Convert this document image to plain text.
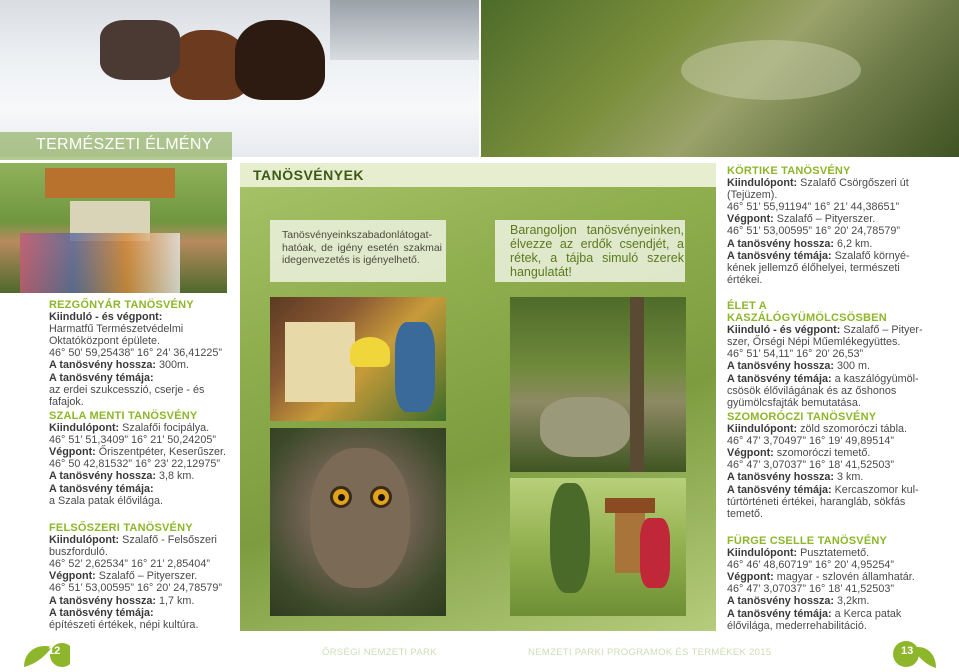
TERMÉSZETI ÉLMÉNY
TANÖSVÉNYEK
Tanösvényeinkszabadonlátogat-hatóak, de igény esetén szakmai idegenvezetés is igényelhető.
Barangoljon tanösvényeinken, élvezze az erdők csendjét, a rétek, a tájba simuló szerek hangulatát!
REZGŐNYÁR TANÖSVÉNY
Kiinduló - és végpont:
Harmatfű Természetvédelmi
Oktatóközpont épülete.
46° 50’ 59,25438” 16° 24’ 36,41225”
A tanösvény hossza: 300m.
A tanösvény témája:
az erdei szukcesszió, cserje - és fafajok.
SZALA MENTI TANÖSVÉNY
Kiindulópont: Szalafői focipálya.
46° 51’ 51,3409” 16° 21’ 50,24205”
Végpont: Őriszentpéter, Keserűszer.
46° 50 42,81532” 16° 23’ 22,12975”
A tanösvény hossza: 3,8 km.
A tanösvény témája:
a Szala patak élővilága.
FELSŐSZERI TANÖSVÉNY
Kiindulópont: Szalafő - Felsőszeri
buszforduló.
46° 52’ 2,62534” 16° 21’ 2,85404”
Végpont: Szalafő – Pityerszer.
46° 51’ 53,00595” 16° 20’ 24,78579”
A tanösvény hossza: 1,7 km.
A tanösvény témája:
építészeti értékek, népi kultúra.
KÖRTIKE TANÖSVÉNY
Kiindulópont: Szalafő Csörgőszeri út
(Tejüzem).
46° 51’ 55,91194” 16° 21’ 44,38651”
Végpont: Szalafő – Pityerszer.
46° 51’ 53,00595” 16° 20’ 24,78579”
A tanösvény hossza: 6,2 km.
A tanösvény témája: Szalafő környé-
kének jellemző élőhelyei, természeti
értékei.
ÉLET A KASZÁLÓGYÜMÖLCSÖSBEN
Kiinduló - és végpont: Szalafő – Pityer-
szer, Őrségi Népi Műemlékegyüttes.
46° 51’ 54,11” 16° 20’ 26,53”
A tanösvény hossza: 300 m.
A tanösvény témája: a kaszálógyümöl-
csösök élővilágának és az őshonos
gyümölcsfajták bemutatása.
SZOMORÓCZI TANÖSVÉNY
Kiindulópont: zöld szomoróczi tábla.
46° 47’ 3,70497” 16° 19’ 49,89514”
Végpont: szomoróczi temető.
46° 47’ 3,07037” 16° 18’ 41,52503”
A tanösvény hossza: 3 km.
A tanösvény témája: Kercaszomor kul-
túrtörténeti értékei, harangláb, sökfás
temető.
FÜRGE CSELLE TANÖSVÉNY
Kiindulópont: Pusztatemető.
46° 46’ 48,60719” 16° 20’ 4,95254”
Végpont: magyar - szlovén államhatár.
46° 47’ 3,07037” 16° 18’ 41,52503”
A tanösvény hossza: 3,2km.
A tanösvény témája: a Kerca patak
élővilága, mederrehabilitáció.
12	ŐRSÉGI NEMZETI PARK	NEMZETI PARKI PROGRAMOK ÉS TERMÉKEK 2015	13
